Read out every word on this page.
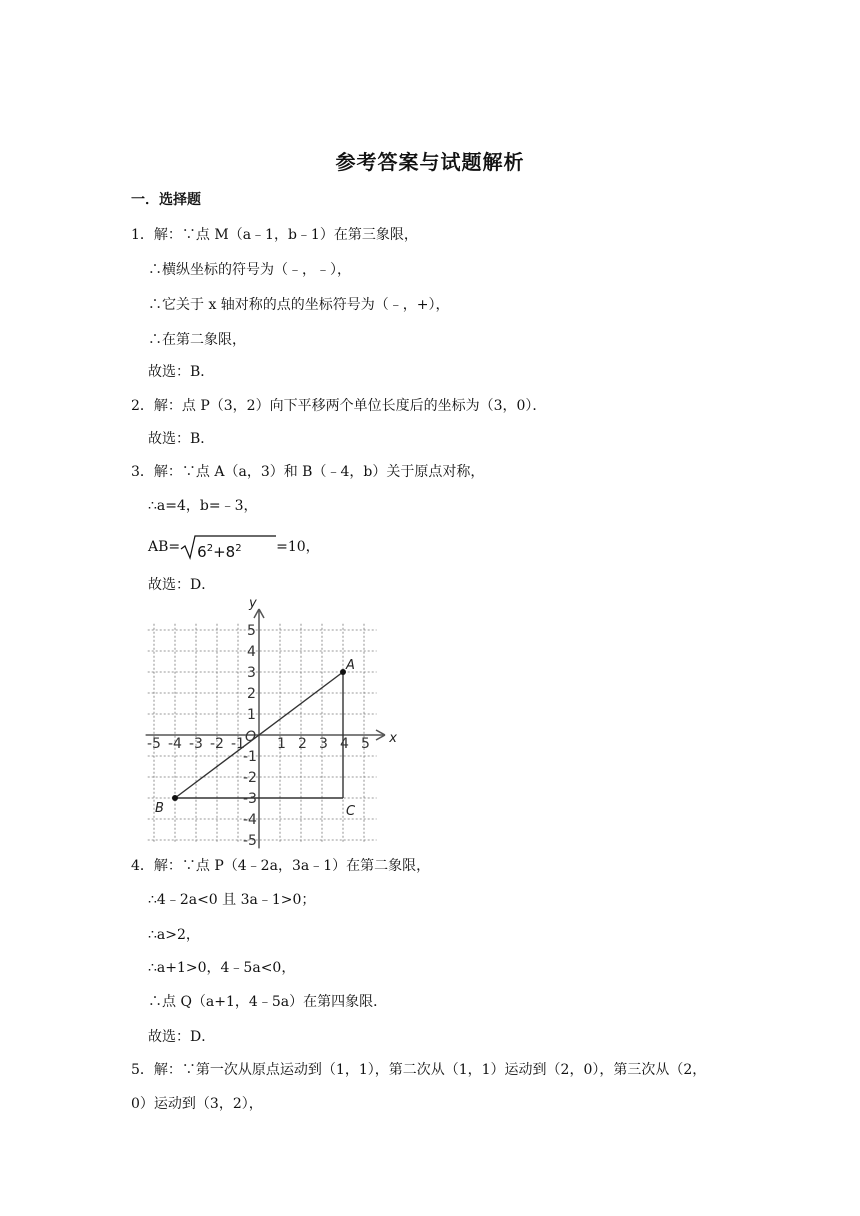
参考答案与试题解析
一．选择题
1．解：∵点 M（a﹣1，b﹣1）在第三象限，
∴横纵坐标的符号为（﹣，﹣），
∴它关于 x 轴对称的点的坐标符号为（﹣，+），
∴在第二象限，
故选：B．
2．解：点 P（3，2）向下平移两个单位长度后的坐标为（3，0）．
故选：B．
3．解：∵点 A（a，3）和 B（﹣4，b）关于原点对称，
∴a=4，b=﹣3，
$AB= 6^2+8^2 =10$，
故选：D．
x
y
O
-5 -4 -3 -2 -1 1 2 3 4 5
5
4
3
2
1
-1
-2
-3
-4
-5
A
B	C
4．解：∵点 P（4﹣2a，3a﹣1）在第二象限，
∴4﹣2a<0 且 3a﹣1>0；
∴a>2，
∴a+1>0，4﹣5a<0，
∴点 Q（a+1，4﹣5a）在第四象限．
故选：D．
5．解：∵第一次从原点运动到（1，1），第二次从（1，1）运动到（2，0），第三次从（2，
0）运动到（3，2），
